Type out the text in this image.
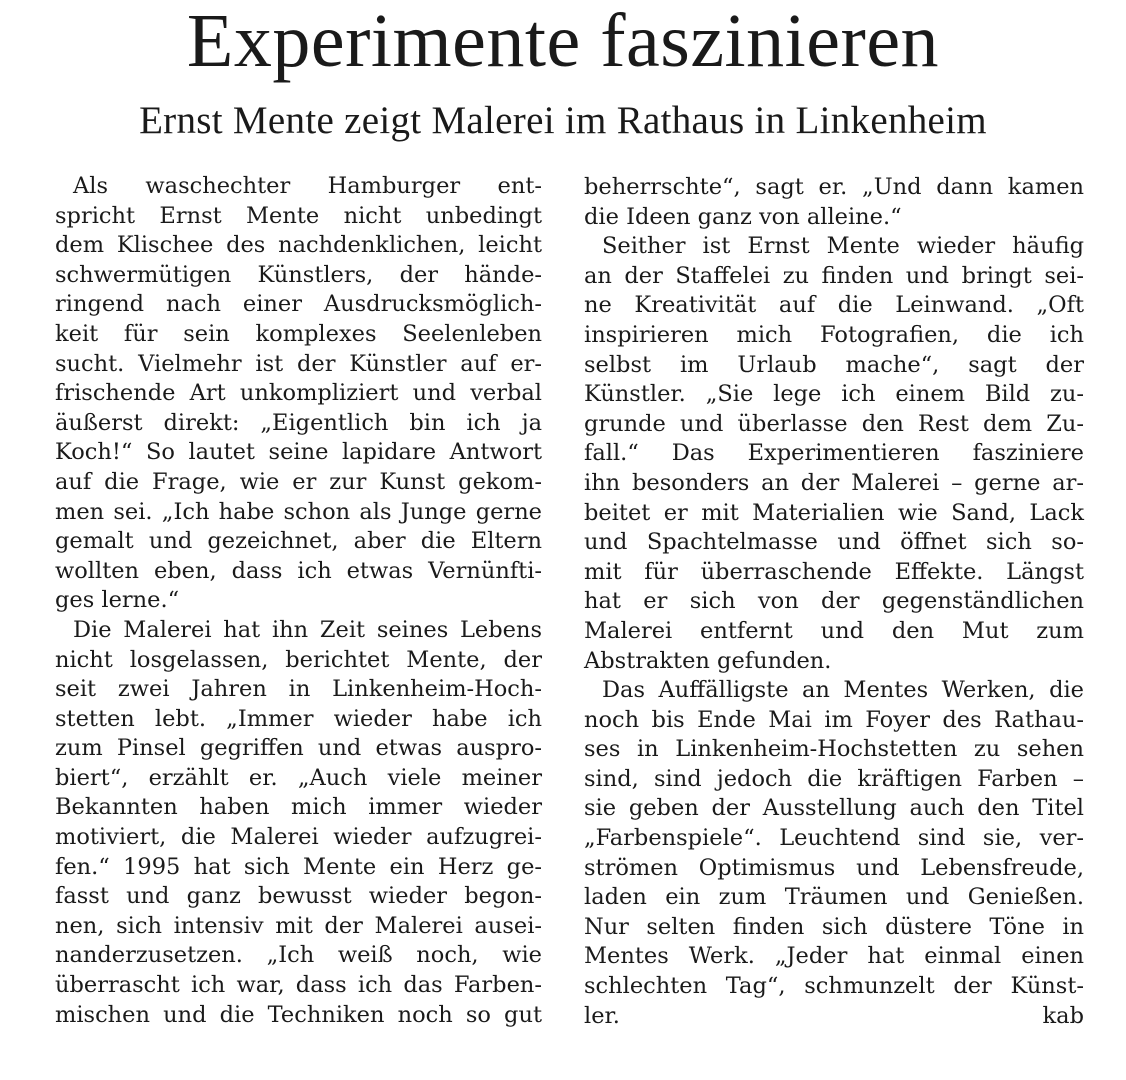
Experimente faszinieren
Ernst Mente zeigt Malerei im Rathaus in Linkenheim
Als waschechter Hamburger ent-
spricht Ernst Mente nicht unbedingt
dem Klischee des nachdenklichen, leicht
schwermütigen Künstlers, der hände-
ringend nach einer Ausdrucksmöglich-
keit für sein komplexes Seelenleben
sucht. Vielmehr ist der Künstler auf er-
frischende Art unkompliziert und verbal
äußerst direkt: „Eigentlich bin ich ja
Koch!“ So lautet seine lapidare Antwort
auf die Frage, wie er zur Kunst gekom-
men sei. „Ich habe schon als Junge gerne
gemalt und gezeichnet, aber die Eltern
wollten eben, dass ich etwas Vernünfti-
ges lerne.“
Die Malerei hat ihn Zeit seines Lebens
nicht losgelassen, berichtet Mente, der
seit zwei Jahren in Linkenheim-Hoch-
stetten lebt. „Immer wieder habe ich
zum Pinsel gegriffen und etwas auspro-
biert“, erzählt er. „Auch viele meiner
Bekannten haben mich immer wieder
motiviert, die Malerei wieder aufzugrei-
fen.“ 1995 hat sich Mente ein Herz ge-
fasst und ganz bewusst wieder begon-
nen, sich intensiv mit der Malerei ausei-
nanderzusetzen. „Ich weiß noch, wie
überrascht ich war, dass ich das Farben-
mischen und die Techniken noch so gut
beherrschte“, sagt er. „Und dann kamen
die Ideen ganz von alleine.“
Seither ist Ernst Mente wieder häufig
an der Staffelei zu finden und bringt sei-
ne Kreativität auf die Leinwand. „Oft
inspirieren mich Fotografien, die ich
selbst im Urlaub mache“, sagt der
Künstler. „Sie lege ich einem Bild zu-
grunde und überlasse den Rest dem Zu-
fall.“ Das Experimentieren fasziniere
ihn besonders an der Malerei – gerne ar-
beitet er mit Materialien wie Sand, Lack
und Spachtelmasse und öffnet sich so-
mit für überraschende Effekte. Längst
hat er sich von der gegenständlichen
Malerei entfernt und den Mut zum
Abstrakten gefunden.
Das Auffälligste an Mentes Werken, die
noch bis Ende Mai im Foyer des Rathau-
ses in Linkenheim-Hochstetten zu sehen
sind, sind jedoch die kräftigen Farben –
sie geben der Ausstellung auch den Titel
„Farbenspiele“. Leuchtend sind sie, ver-
strömen Optimismus und Lebensfreude,
laden ein zum Träumen und Genießen.
Nur selten finden sich düstere Töne in
Mentes Werk. „Jeder hat einmal einen
schlechten Tag“, schmunzelt der Künst-
ler.	kab
